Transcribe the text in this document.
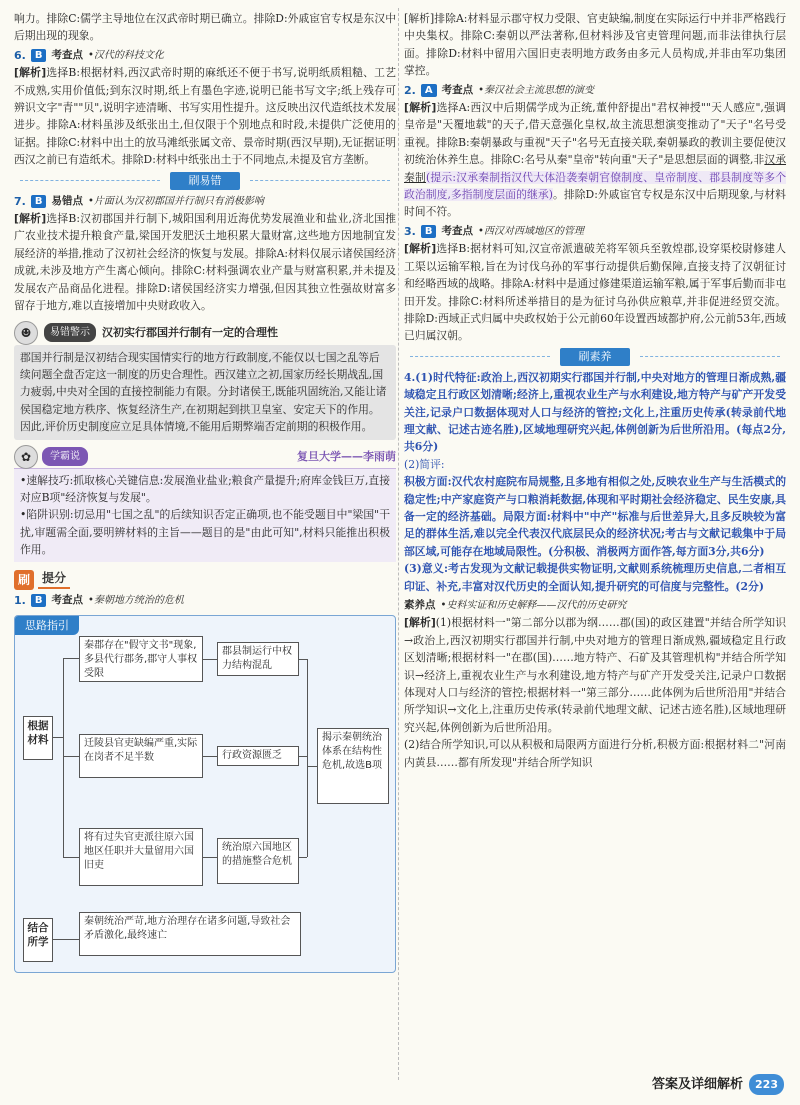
响力。排除C:儒学主导地位在汉武帝时期已确立。排除D:外戚宦官专权是东汉中后期出现的现象。

6. B 考查点 •汉代的科技文化

[解析]选择B:根据材料,西汉武帝时期的麻纸还不便于书写,说明纸质粗糙、工艺不成熟,实用价值低;到东汉时期,纸上有墨色字迹,说明已能书写文字;纸上残存可辨识文字"青""贝",说明字迹清晰、书写实用性提升。这反映出汉代造纸技术发展进步。排除A:材料虽涉及纸张出土,但仅限于个别地点和时段,未提供广泛使用的证据。排除C:材料中出土的放马滩纸张属文帝、景帝时期(西汉早期),无证据证明西汉之前已有造纸术。排除D:材料中纸张出土于不同地点,未提及官方垄断。

刷易错
7. B 易错点 •片面认为汉初郡国并行制只有消极影响

[解析]选择B:汉初郡国并行制下,城阳国利用近海优势发展渔业和盐业,济北国推广农业技术提升粮食产量,梁国开发肥沃土地积累大量财富,这些地方因地制宜发展经济的举措,推动了汉初社会经济的恢复与发展。排除A:材料仅展示诸侯国经济成就,未涉及地方产生离心倾向。排除C:材料强调农业产量与财富积累,并未提及发展农产品商品化进程。排除D:诸侯国经济实力增强,但因其独立性强故财富多留存于地方,难以直接增加中央财政收入。

☻	易错警示	汉初实行郡国并行制有一定的合理性
郡国并行制是汉初结合现实国情实行的地方行政制度,不能仅以七国之乱等后续问题全盘否定这一制度的历史合理性。西汉建立之初,国家历经长期战乱,国力疲弱,中央对全国的直接控制能力有限。分封诸侯王,既能巩固统治,又能让诸侯国稳定地方秩序、恢复经济生产,在初期起到拱卫皇室、安定天下的作用。因此,评价历史制度应立足具体情境,不能用后期弊端否定前期的积极作用。
✿	学霸说	复旦大学——李雨萌

•速解技巧:抓取核心关键信息:发展渔业盐业;粮食产量提升;府库金钱巨万,直接对应B项"经济恢复与发展"。

•陷阱识别:切忌用"七国之乱"的后续知识否定正确项,也不能受题目中"梁国"干扰,审题需全面,要明辨材料的主旨——题目的是"由此可知",材料只能推出积极作用。

刷	提分
1. B 考查点 •秦朝地方统治的危机
思路指引
根据材料
结合所学
秦郡存在"假守文书"现象,多县代行郡务,郡守人事权受限
郡县制运行中权力结构混乱
迁陵县官吏缺编严重,实际在岗者不足半数	行政资源匮乏
将有过失官吏派往原六国地区任职并大量留用六国旧吏
统治原六国地区的措施整合危机
揭示秦朝统治体系在结构性危机,故选B项
秦朝统治严苛,地方治理存在诸多问题,导致社会矛盾激化,最终速亡

[解析]排除A:材料显示郡守权力受限、官吏缺编,制度在实际运行中并非严格践行中央集权。排除C:秦朝以严法著称,但材料涉及官吏管理问题,而非法律执行层面。排除D:材料中留用六国旧吏表明地方政务由多元人员构成,并非由军功集团掌控。

2. A 考查点 •秦汉社会主流思想的演变

[解析]选择A:西汉中后期儒学成为正统,董仲舒提出"君权神授""天人感应",强调皇帝是"天覆地载"的天子,借天意强化皇权,故主流思想演变推动了"天子"名号受重视。排除B:秦朝暴政与重视"天子"名号无直接关联,秦朝暴政的教训主要促使汉初统治休养生息。排除C:名号从秦"皇帝"转向重"天子"是思想层面的调整,非汉承秦制(提示:汉承秦制指汉代大体沿袭秦朝官僚制度、皇帝制度、郡县制度等多个政治制度,多指制度层面的继承)。排除D:外戚宦官专权是东汉中后期现象,与材料时间不符。

3. B 考查点 •西汉对西域地区的管理

[解析]选择B:据材料可知,汉宣帝派遣破羌将军领兵至敦煌郡,设穿渠校尉修建人工渠以运输军粮,旨在为讨伐乌孙的军事行动提供后勤保障,直接支持了汉朝征讨和经略西域的战略。排除A:材料中是通过修建渠道运输军粮,属于军事后勤而非屯田开发。排除C:材料所述举措目的是为征讨乌孙供应粮草,并非促进经贸交流。排除D:西域正式归属中央政权始于公元前60年设置西域都护府,公元前53年,西域已归属汉朝。

刷素养

4.(1)时代特征:政治上,西汉初期实行郡国并行制,中央对地方的管理日渐成熟,疆域稳定且行政区划清晰;经济上,重视农业生产与水利建设,地方特产与矿产开发受关注,记录户口数据体现对人口与经济的管控;文化上,注重历史传承(转录前代地理文献、记述古迹名胜),区域地理研究兴起,体例创新为后世所沿用。(每点2分,共6分)

(2)简评:

积极方面:汉代农村庭院布局规整,且多地有相似之处,反映农业生产与生活模式的稳定性;中产家庭资产与口粮消耗数据,体现和平时期社会经济稳定、民生安康,具备一定的经济基础。局限方面:材料中"中产"标准与后世差异大,且多反映较为富足的群体生活,难以完全代表汉代底层民众的经济状况;考古与文献记载集中于局部区域,可能存在地域局限性。(分积极、消极两方面作答,每方面3分,共6分)

(3)意义:考古发现为文献记载提供实物证明,文献则系统梳理历史信息,二者相互印证、补充,丰富对汉代历史的全面认知,提升研究的可信度与完整性。(2分)

素养点 •史料实证和历史解释——汉代的历史研究

[解析](1)根据材料一"第二部分以郡为纲……郡(国)的政区建置"并结合所学知识→政治上,西汉初期实行郡国并行制,中央对地方的管理日渐成熟,疆域稳定且行政区划清晰;根据材料一"在郡(国)……地方特产、石矿及其管理机构"并结合所学知识→经济上,重视农业生产与水利建设,地方特产与矿产开发受关注,记录户口数据体现对人口与经济的管控;根据材料一"第三部分……此体例为后世所沿用"并结合所学知识→文化上,注重历史传承(转录前代地理文献、记述古迹名胜),区域地理研究兴起,体例创新为后世所沿用。

(2)结合所学知识,可以从积极和局限两方面进行分析,积极方面:根据材料二"河南内黄县……都有所发现"并结合所学知识

答案及详细解析	223
